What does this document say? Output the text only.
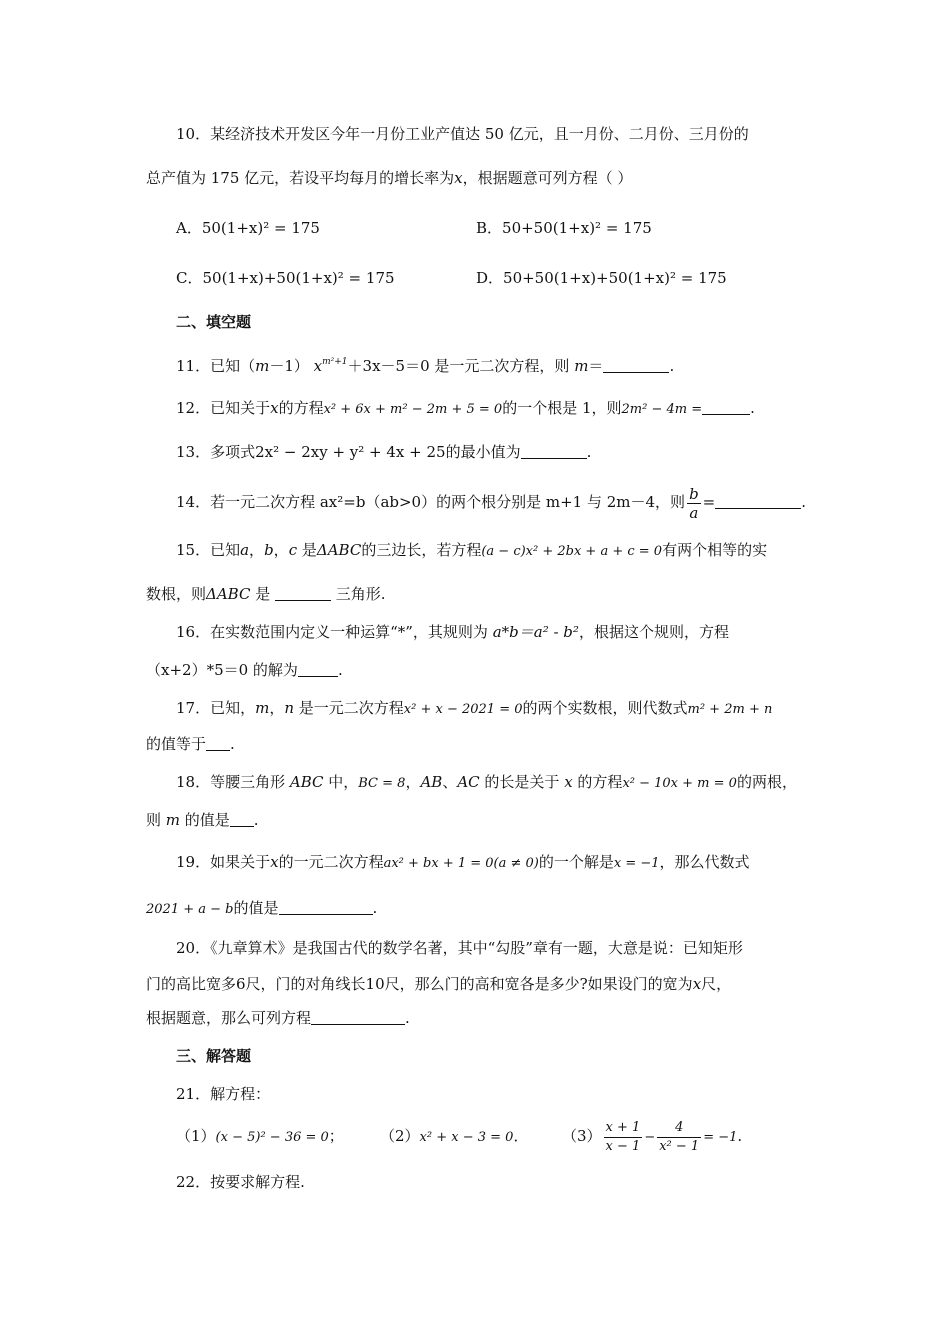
10．某经济技术开发区今年一月份工业产值达 50 亿元，且一月份、二月份、三月份的
总产值为 175 亿元，若设平均每月的增长率为x，根据题意可列方程（ ）
A．50(1+x)² = 175	B．50+50(1+x)² = 175
C．50(1+x)+50(1+x)² = 175	D．50+50(1+x)+50(1+x)² = 175
二、填空题
11．已知（m－1） $x^{m^2+1}+3x-5=0$ 是一元二次方程，则 m＝	.
12．已知关于x的方程x² + 6x + m² − 2m + 5 = 0的一个根是 1，则2m² − 4m =	.
13．多项式2x² − 2xy + y² + 4x + 25的最小值为	.
14．若一元二次方程 ax²=b（ab>0）的两个根分别是 m+1 与 2m－4，则 $\frac{b}{a}$ =	.
15．已知a，b，c 是ΔABC的三边长，若方程(a − c)x² + 2bx + a + c = 0有两个相等的实
数根，则ΔABC 是	三角形.
16．在实数范围内定义一种运算“*”，其规则为 a*b＝a² - b²，根据这个规则，方程
（x+2）*5＝0 的解为	.
17．已知，m，n 是一元二次方程x² + x − 2021 = 0的两个实数根，则代数式m² + 2m + n
的值等于 .
18．等腰三角形 ABC 中，BC = 8，AB、AC 的长是关于 x 的方程x² − 10x + m = 0的两根，
则 m 的值是 .
19．如果关于x的一元二次方程ax² + bx + 1 = 0(a ≠ 0)的一个解是x = −1，那么代数式
2021 + a − b的值是	.
20．《九章算术》是我国古代的数学名著，其中“勾股”章有一题，大意是说：已知矩形
门的高比宽多6尺，门的对角线长10尺，那么门的高和宽各是多少?如果设门的宽为x尺，
根据题意，那么可列方程	.
三、解答题
21．解方程：
（1）(x − 5)² − 36 = 0； （2）x² + x − 3 = 0． $(3) \frac{x + 1}{x - 1} - \frac{4}{\text{x² − 1}} = -1$.
22．按要求解方程.
